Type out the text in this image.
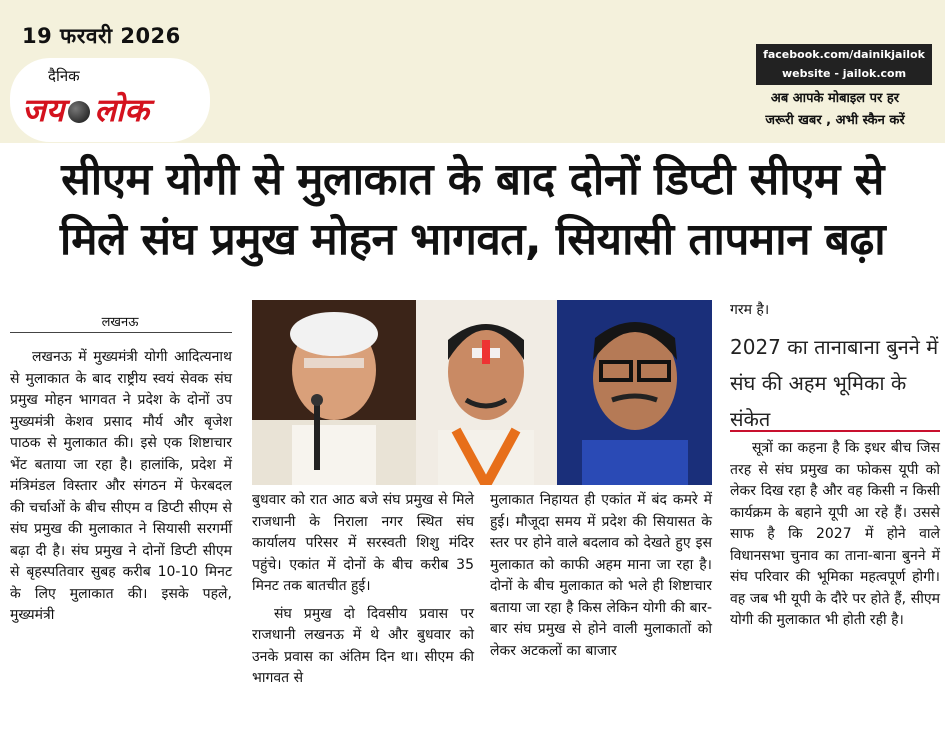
19 फरवरी 2026
दैनिक
जय लोक
facebook.com/dainikjailok
website - jailok.com
अब आपके मोबाइल पर हर
जरूरी खबर , अभी स्कैन करें
सीएम योगी से मुलाकात के बाद दोनों डिप्टी सीएम से
मिले संघ प्रमुख मोहन भागवत, सियासी तापमान बढ़ा
लखनऊ

लखनऊ में मुख्यमंत्री योगी आदित्यनाथ से मुलाकात के बाद राष्ट्रीय स्वयं सेवक संघ प्रमुख मोहन भागवत ने प्रदेश के दोनों उप मुख्यमंत्री केशव प्रसाद मौर्य और बृजेश पाठक से मुलाकात की। इसे एक शिष्टाचार भेंट बताया जा रहा है। हालांकि, प्रदेश में मंत्रिमंडल विस्तार और संगठन में फेरबदल की चर्चाओं के बीच सीएम व डिप्टी सीएम से संघ प्रमुख की मुलाकात ने सियासी सरगर्मी बढ़ा दी है। संघ प्रमुख ने दोनों डिप्टी सीएम से बृहस्पतिवार सुबह करीब 10-10 मिनट के लिए मुलाकात की। इसके पहले, मुख्यमंत्री

बुधवार को रात आठ बजे संघ प्रमुख से मिले राजधानी के निराला नगर स्थित संघ कार्यालय परिसर में सरस्वती शिशु मंदिर पहुंचे। एकांत में दोनों के बीच करीब 35 मिनट तक बातचीत हुई।

संघ प्रमुख दो दिवसीय प्रवास पर राजधानी लखनऊ में थे और बुधवार को उनके प्रवास का अंतिम दिन था। सीएम की भागवत से

मुलाकात निहायत ही एकांत में बंद कमरे में हुई। मौजूदा समय में प्रदेश की सियासत के स्तर पर होने वाले बदलाव को देखते हुए इस मुलाकात को काफी अहम माना जा रहा है। दोनों के बीच मुलाकात को भले ही शिष्टाचार बताया जा रहा है किस लेकिन योगी की बार-बार संघ प्रमुख से होने वाली मुलाकातों को लेकर अटकलों का बाजार

गरम है।

2027 का तानाबाना बुनने में संघ की अहम भूमिका के संकेत

सूत्रों का कहना है कि इधर बीच जिस तरह से संघ प्रमुख का फोकस यूपी को लेकर दिख रहा है और वह किसी न किसी कार्यक्रम के बहाने यूपी आ रहे हैं। उससे साफ है कि 2027 में होने वाले विधानसभा चुनाव का ताना-बाना बुनने में संघ परिवार की भूमिका महत्वपूर्ण होगी। वह जब भी यूपी के दौरे पर होते हैं, सीएम योगी की मुलाकात भी होती रही है।
